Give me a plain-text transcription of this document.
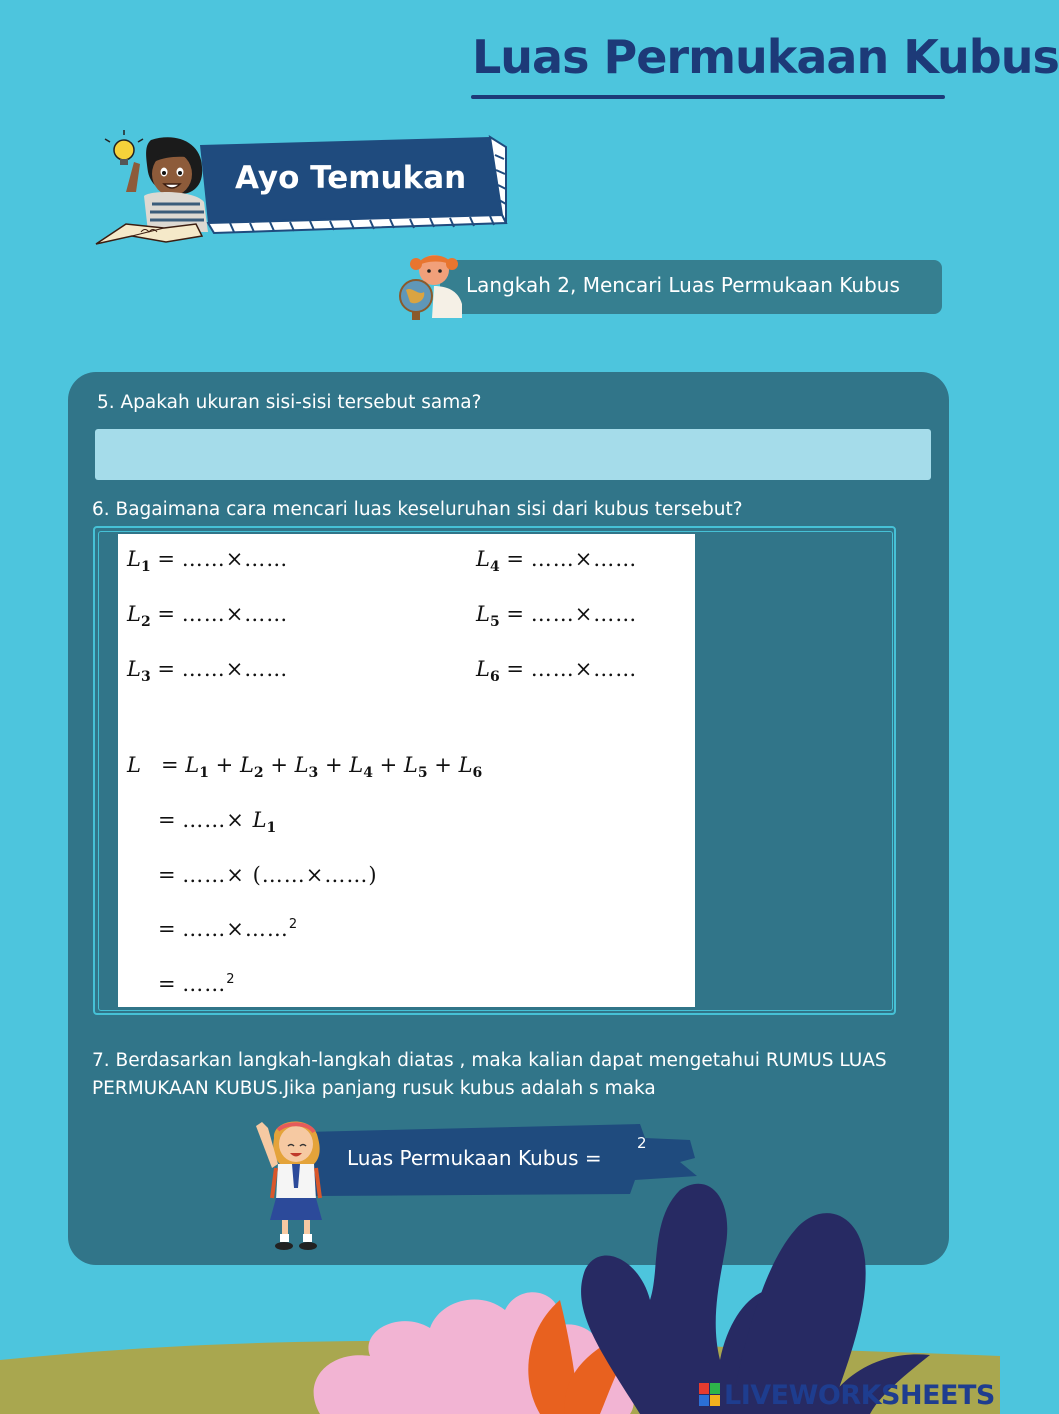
Luas Permukaan Kubus
Ayo Temukan
Langkah 2, Mencari Luas Permukaan Kubus
5. Apakah ukuran sisi-sisi tersebut sama?
6. Bagaimana cara mencari luas keseluruhan sisi dari kubus tersebut?
$L_1$ = ……×……
$L_2$ = ……×……
$L_3$ = ……×……
$L_4$ = ……×……
$L_5$ = ……×……
$L_6$ = ……×……
$L = L_1 + L_2 + L_3 + L_4 + L_5 + L_6$
= ……× $L_1$
= ……× (……×……)
= ……×……$^2$
= ……$^2$
7. Berdasarkan langkah-langkah diatas , maka kalian dapat mengetahui RUMUS LUAS PERMUKAAN KUBUS.Jika panjang rusuk kubus adalah s maka
Luas Permukaan Kubus =
2
LIVEWORKSHEETS
